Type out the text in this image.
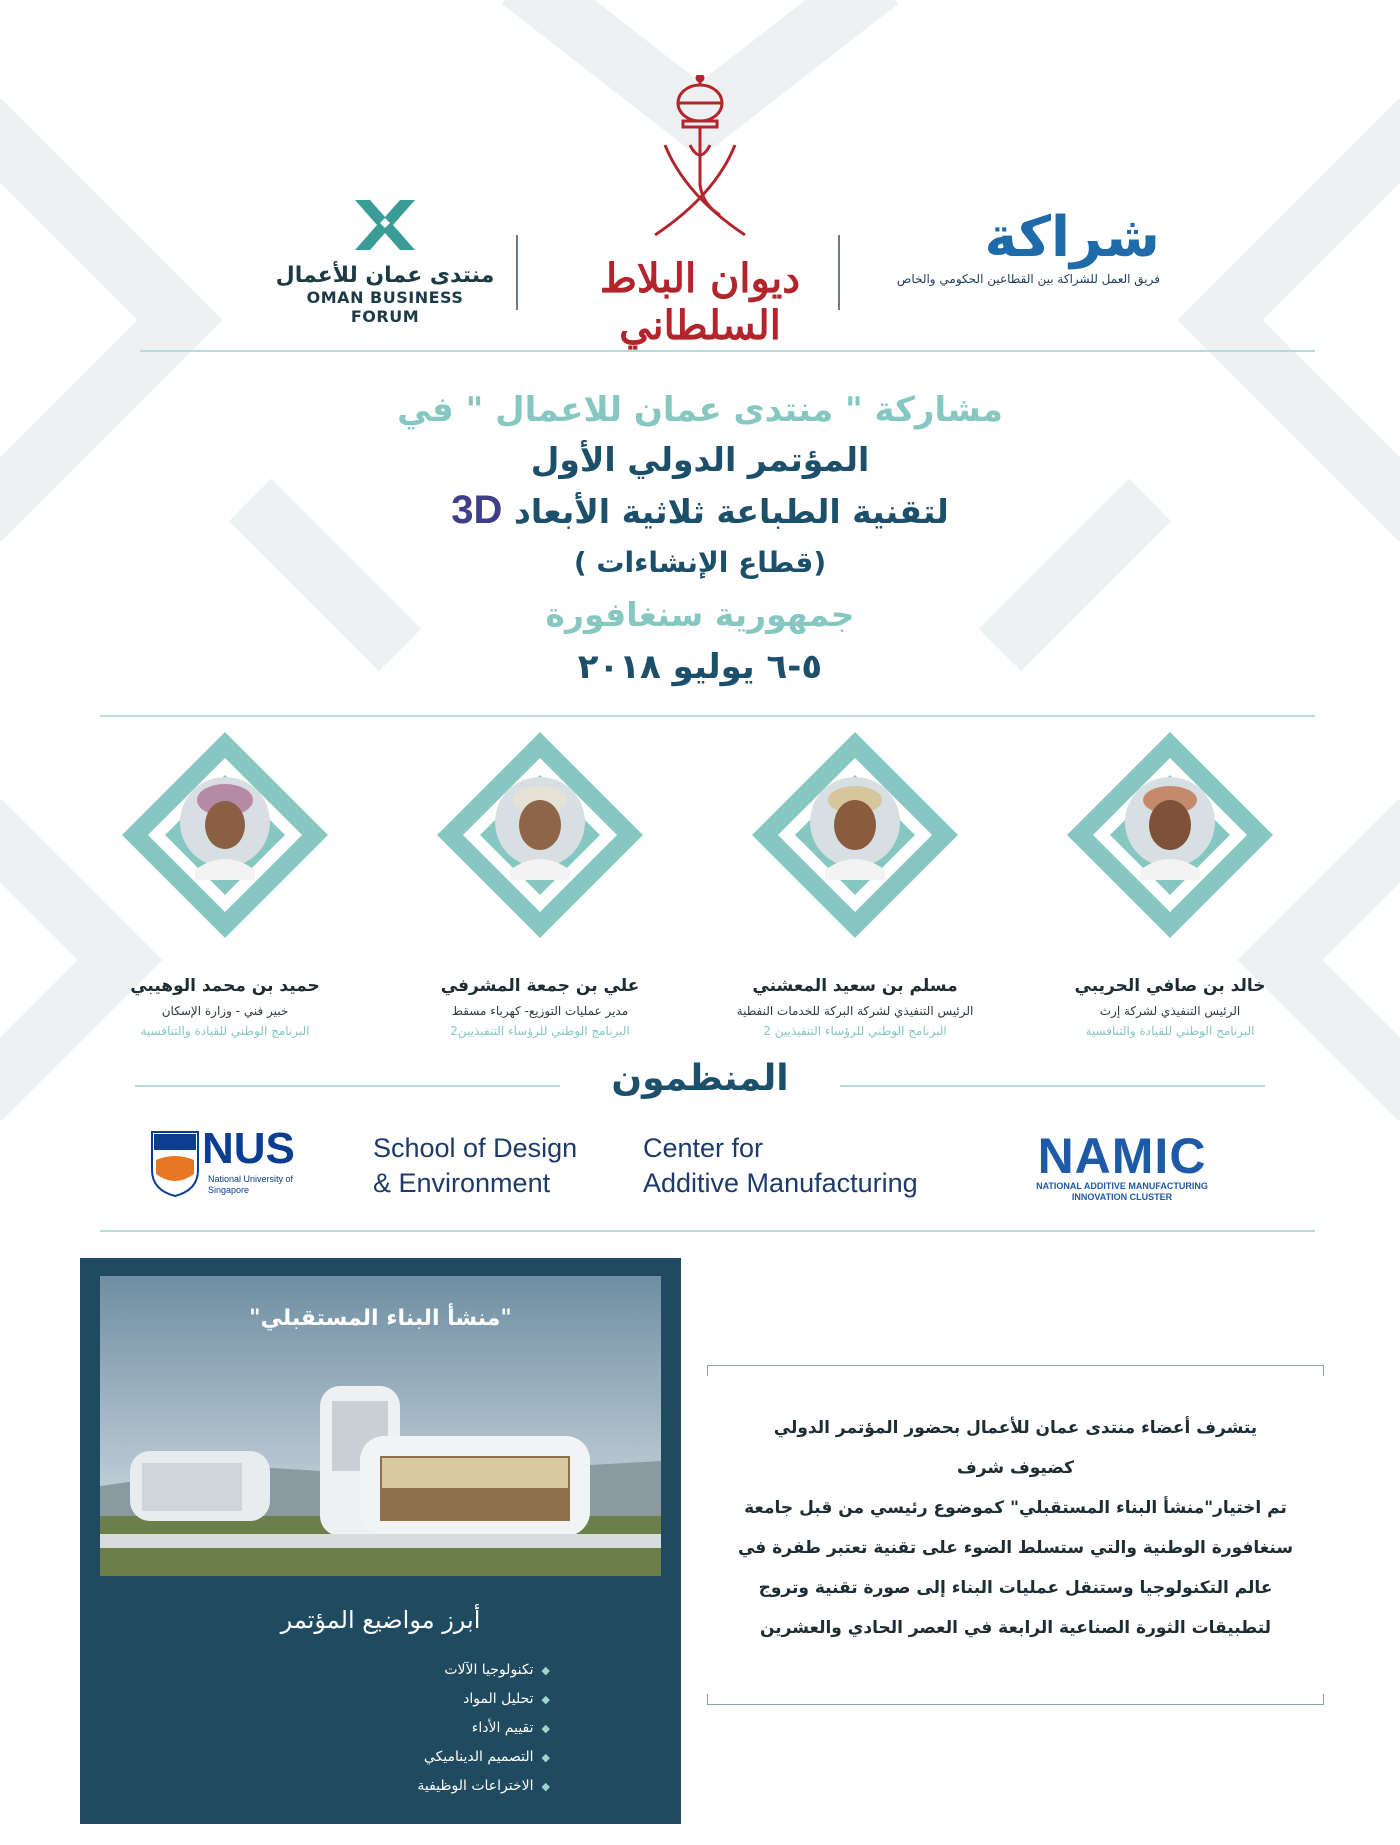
منتدى عمان للأعمال
OMAN BUSINESS FORUM
ديوان البلاط السلطاني
شراكة
فريق العمل للشراكة بين القطاعين الحكومي والخاص
مشاركة " منتدى عمان للاعمال " في
المؤتمر الدولي الأول
لتقنية الطباعة ثلاثية الأبعاد 3D
(قطاع الإنشاءات )
جمهورية سنغافورة
٥-٦ يوليو ٢٠١٨
حميد بن محمد الوهيبي
خبير فني - وزارة الإسكان
البرنامج الوطني للقيادة والتنافسية
علي بن جمعة المشرفي
مدير عمليات التوزيع- كهرباء مسقط
البرنامج الوطني للرؤساء التنفيذيين2
مسلم بن سعيد المعشني
الرئيس التنفيذي لشركة البركة للخدمات النفطية
البرنامج الوطني للرؤساء التنفيذيين 2
خالد بن صافي الحريبي
الرئيس التنفيذي لشركة إرث
البرنامج الوطني للقيادة والتنافسية
المنظمون
NUS
National University of Singapore
School of Design
& Environment
Center for
Additive Manufacturing	NAMIC
NATIONAL ADDITIVE MANUFACTURING
INNOVATION CLUSTER
"منشأ البناء المستقبلي"
أبرز مواضيع المؤتمر
◆تكنولوجيا الآلات
◆تحليل المواد
◆تقييم الأداء
◆التصميم الديناميكي
◆الاختراعات الوظيفية
يتشرف أعضاء منتدى عمان للأعمال بحضور المؤتمر الدولي
كضيوف شرف
تم اختيار"منشأ البناء المستقبلي" كموضوع رئيسي من قبل جامعة
سنغافورة الوطنية والتي ستسلط الضوء على تقنية تعتبر طفرة في
عالم التكنولوجيا وستنقل عمليات البناء إلى صورة تقنية وتروج
لتطبيقات الثورة الصناعية الرابعة في العصر الحادي والعشرين
